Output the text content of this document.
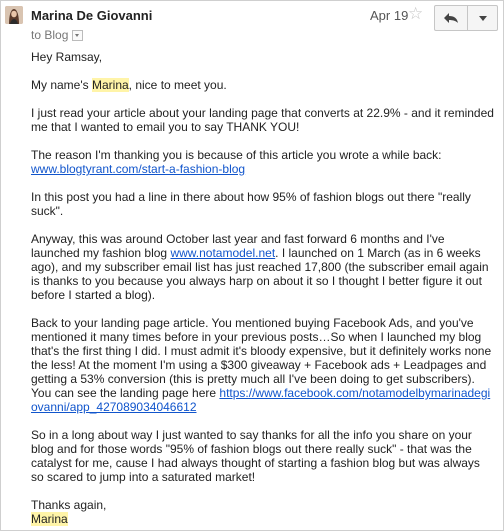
Marina De Giovanni	Apr 19 ☆
to
Blog

Hey Ramsay,

My name's Marina, nice to meet you.

I just read your article about your landing page that converts at 22.9% - and it reminded me that I wanted to email you to say THANK YOU!

The reason I'm thanking you is because of this article you wrote a while back: www.blogtyrant.com/start-a-fashion-blog

In this post you had a line in there about how 95% of fashion blogs out there "really suck".

Anyway, this was around October last year and fast forward 6 months and I've launched my fashion blog www.notamodel.net. I launched on 1 March (as in 6 weeks ago), and my subscriber email list has just reached 17,800 (the subscriber email again is thanks to you because you always harp on about it so I thought I better figure it out before I started a blog).

Back to your landing page article. You mentioned buying Facebook Ads, and you've mentioned it many times before in your previous posts…So when I launched my blog that's the first thing I did. I must admit it's bloody expensive, but it definitely works none the less! At the moment I'm using a $300 giveaway + Facebook ads + Leadpages and getting a 53% conversion (this is pretty much all I've been doing to get subscribers). You can see the landing page here https://www.facebook.com/notamodelbymarinadegiovanni/app_427089034046612

So in a long about way I just wanted to say thanks for all the info you share on your blog and for those words "95% of fashion blogs out there really suck" - that was the catalyst for me, cause I had always thought of starting a fashion blog but was always so scared to jump into a saturated market!

Thanks again,
Marina
